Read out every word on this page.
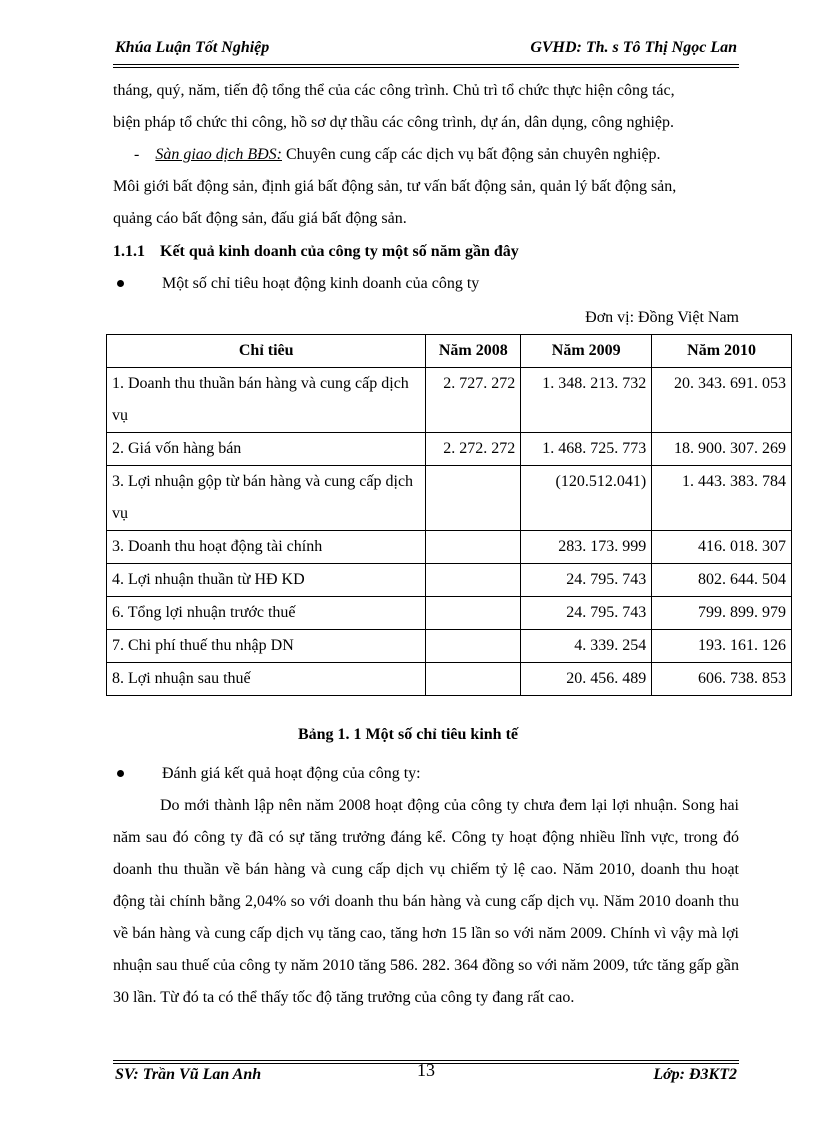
Khúa Luận Tốt Nghiệp	GVHD: Th. s Tô Thị Ngọc Lan
tháng, quý, năm, tiến độ tổng thể của các công trình. Chủ trì tổ chức thực hiện công tác,
biện pháp tổ chức thi công, hồ sơ dự thầu các công trình, dự án, dân dụng, công nghiệp.
- Sàn giao dịch BĐS: Chuyên cung cấp các dịch vụ bất động sản chuyên nghiệp.
Môi giới bất động sản, định giá bất động sản, tư vấn bất động sản, quản lý bất động sản,
quảng cáo bất động sản, đấu giá bất động sản.
1.1.1 Kết quả kinh doanh của công ty một số năm gần đây
Một số chỉ tiêu hoạt động kinh doanh của công ty
Đơn vị: Đồng Việt Nam
Chỉ tiêu	Năm 2008	Năm 2009	Năm 2010
1. Doanh thu thuần bán hàng và cung cấp dịch vụ	2. 727. 272	1. 348. 213. 732	20. 343. 691. 053
2. Giá vốn hàng bán	2. 272. 272	1. 468. 725. 773	18. 900. 307. 269
3. Lợi nhuận gộp từ bán hàng và cung cấp dịch vụ		(120.512.041)	1. 443. 383. 784
3. Doanh thu hoạt động tài chính		283. 173. 999	416. 018. 307
4. Lợi nhuận thuần từ HĐ KD		24. 795. 743	802. 644. 504
6. Tổng lợi nhuận trước thuế		24. 795. 743	799. 899. 979
7. Chi phí thuế thu nhập DN		4. 339. 254	193. 161. 126
8. Lợi nhuận sau thuế		20. 456. 489	606. 738. 853
Bảng 1. 1 Một số chỉ tiêu kinh tế
Đánh giá kết quả hoạt động của công ty:
Do mới thành lập nên năm 2008 hoạt động của công ty chưa đem lại lợi nhuận. Song hai năm sau đó công ty đã có sự tăng trưởng đáng kể. Công ty hoạt động nhiều lĩnh vực, trong đó doanh thu thuần về bán hàng và cung cấp dịch vụ chiếm tỷ lệ cao. Năm 2010, doanh thu hoạt động tài chính bằng 2,04% so với doanh thu bán hàng và cung cấp dịch vụ. Năm 2010 doanh thu về bán hàng và cung cấp dịch vụ tăng cao, tăng hơn 15 lần so với năm 2009. Chính vì vậy mà lợi nhuận sau thuế của công ty năm 2010 tăng 586. 282. 364 đồng so với năm 2009, tức tăng gấp gần 30 lần. Từ đó ta có thể thấy tốc độ tăng trưởng của công ty đang rất cao.
SV: Trần Vũ Lan Anh	13	Lớp: Đ3KT2
